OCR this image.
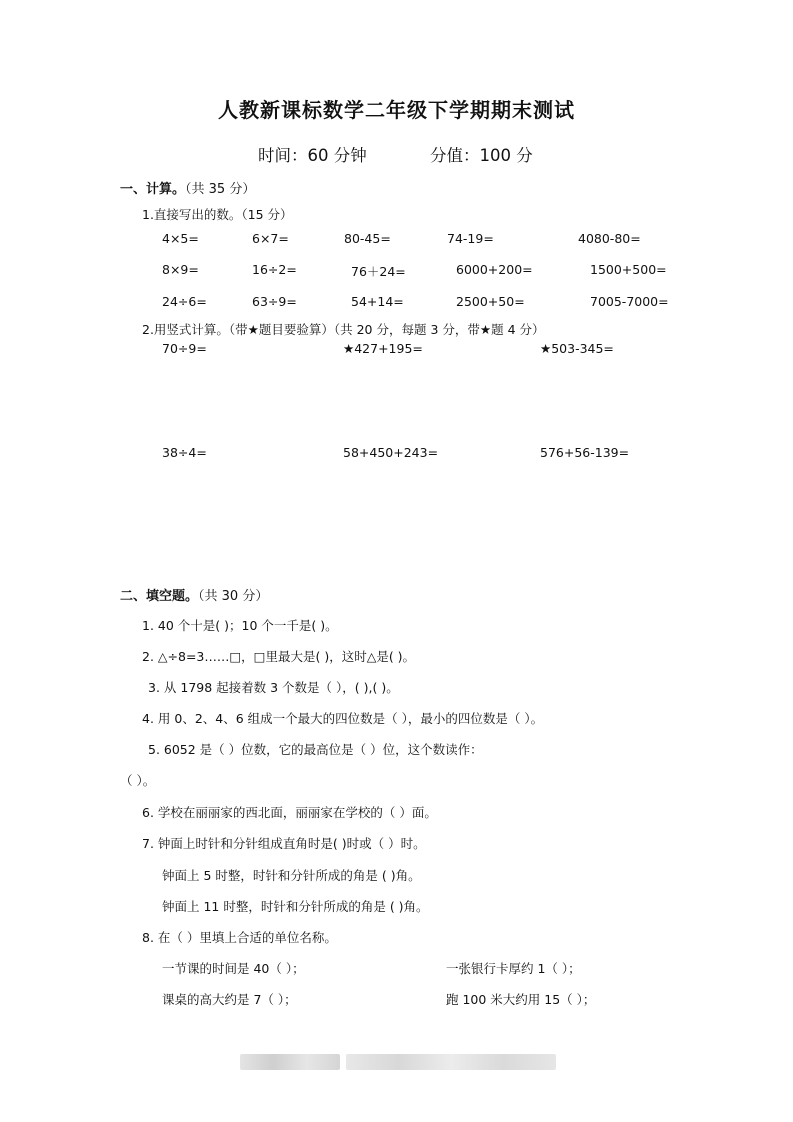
人教新课标数学二年级下学期期末测试
时间：60 分钟	分值：100 分
一、计算。（共 35 分）
1.直接写出的数。（15 分）
4×5=	6×7=	80-45=	74-19=	4080-80=
8×9=	16÷2=	76＋24=	6000+200=	1500+500=
24÷6=	63÷9=	54+14=	2500+50=	7005-7000=
2.用竖式计算。（带★题目要验算）（共 20 分，每题 3 分，带★题 4 分）
70÷9=	★427+195=	★503-345=
38÷4=	58+450+243=	576+56-139=
二、填空题。（共 30 分）
1. 40 个十是( )；10 个一千是( )。
2. △÷8=3……□，□里最大是( )，这时△是( )。
3. 从 1798 起接着数 3 个数是（ ），( ),( )。
4. 用 0、2、4、6 组成一个最大的四位数是（ ），最小的四位数是（ ）。
5. 6052 是（ ）位数，它的最高位是（ ）位，这个数读作：
（ ）。
6. 学校在丽丽家的西北面，丽丽家在学校的（ ）面。
7. 钟面上时针和分针组成直角时是( )时或（ ）时。
钟面上 5 时整，时针和分针所成的角是 ( )角。
钟面上 11 时整，时针和分针所成的角是 ( )角。
8. 在（ ）里填上合适的单位名称。
一节课的时间是 40（ ）；	一张银行卡厚约 1（ ）；
课桌的高大约是 7（ ）；	跑 100 米大约用 15（ ）；
